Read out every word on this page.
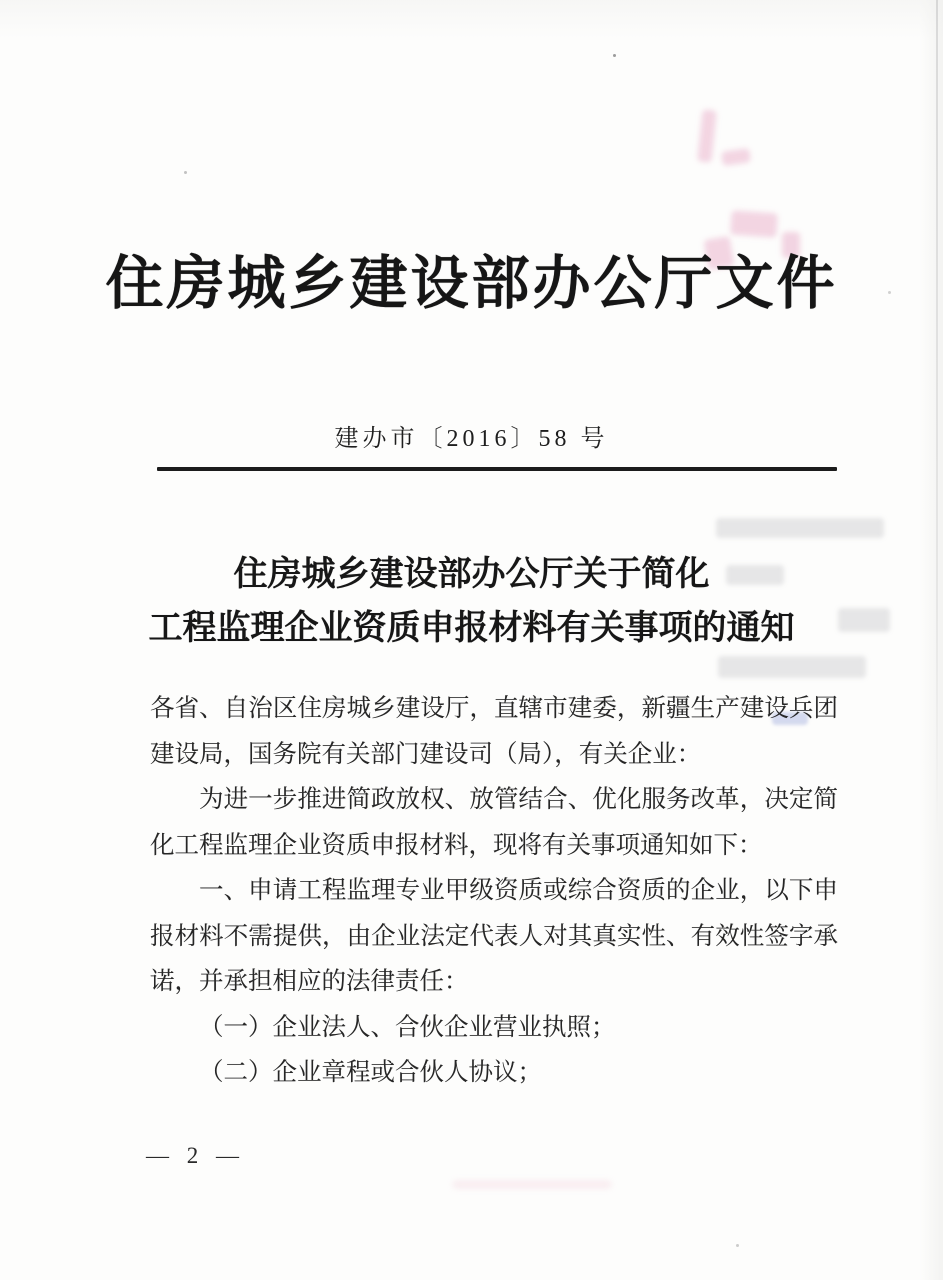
住房城乡建设部办公厅文件
建办市〔2016〕58 号
住房城乡建设部办公厅关于简化
工程监理企业资质申报材料有关事项的通知
各省、自治区住房城乡建设厅，直辖市建委，新疆生产建设兵团
建设局，国务院有关部门建设司（局），有关企业：
为进一步推进简政放权、放管结合、优化服务改革，决定简
化工程监理企业资质申报材料，现将有关事项通知如下：
一、申请工程监理专业甲级资质或综合资质的企业，以下申
报材料不需提供，由企业法定代表人对其真实性、有效性签字承
诺，并承担相应的法律责任：
（一）企业法人、合伙企业营业执照；
（二）企业章程或合伙人协议；
— 2 —
